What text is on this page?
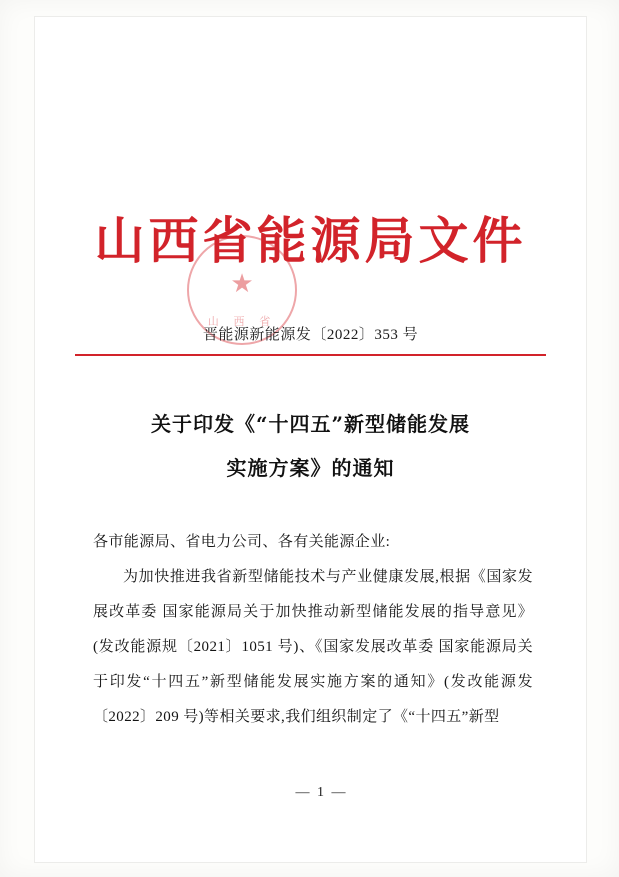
山西省能源局文件
★
山 西 省
晋能源新能源发〔2022〕353 号
关于印发《“十四五”新型储能发展
实施方案》的通知

各市能源局、省电力公司、各有关能源企业:

为加快推进我省新型储能技术与产业健康发展,根据《国家发展改革委 国家能源局关于加快推动新型储能发展的指导意见》(发改能源规〔2021〕1051 号)、《国家发展改革委 国家能源局关于印发“十四五”新型储能发展实施方案的通知》(发改能源发〔2022〕209 号)等相关要求,我们组织制定了《“十四五”新型

— 1 —
